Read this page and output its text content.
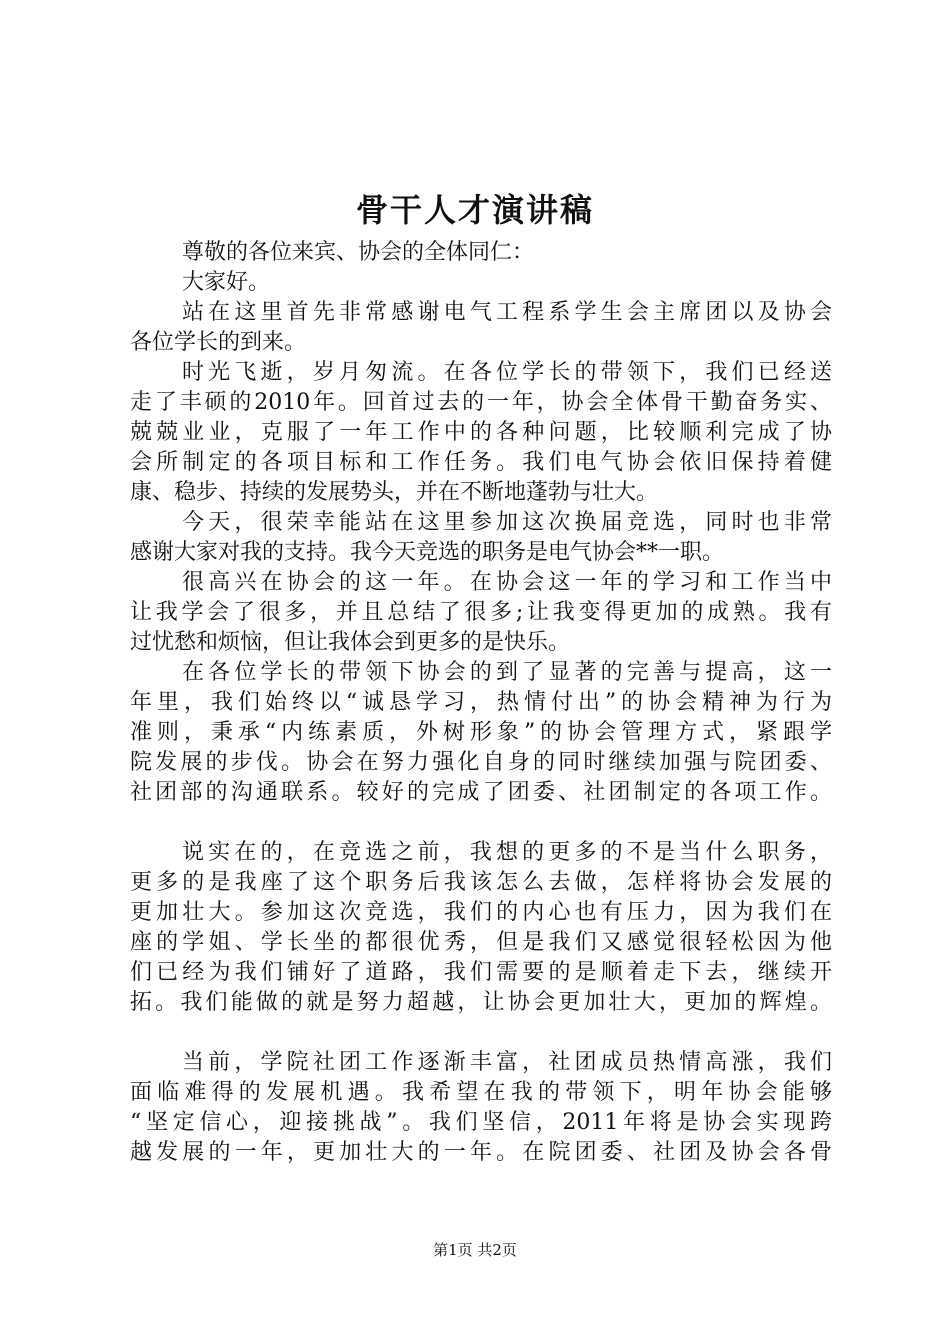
骨干人才演讲稿
尊敬的各位来宾、协会的全体同仁：
大家好。
站在这里首先非常感谢电气工程系学生会主席团以及协会
各位学长的到来。
时光飞逝，岁月匆流。在各位学长的带领下，我们已经送
走了丰硕的2010年。回首过去的一年，协会全体骨干勤奋务实、
兢兢业业，克服了一年工作中的各种问题，比较顺利完成了协
会所制定的各项目标和工作任务。我们电气协会依旧保持着健
康、稳步、持续的发展势头，并在不断地蓬勃与壮大。
今天，很荣幸能站在这里参加这次换届竞选，同时也非常
感谢大家对我的支持。我今天竞选的职务是电气协会**一职。
很高兴在协会的这一年。在协会这一年的学习和工作当中
让我学会了很多，并且总结了很多;让我变得更加的成熟。我有
过忧愁和烦恼，但让我体会到更多的是快乐。
在各位学长的带领下协会的到了显著的完善与提高，这一
年里，我们始终以“诚恳学习，热情付出”的协会精神为行为
准则，秉承“内练素质，外树形象”的协会管理方式，紧跟学
院发展的步伐。协会在努力强化自身的同时继续加强与院团委、
社团部的沟通联系。较好的完成了团委、社团制定的各项工作。
说实在的，在竞选之前，我想的更多的不是当什么职务，
更多的是我座了这个职务后我该怎么去做，怎样将协会发展的
更加壮大。参加这次竞选，我们的内心也有压力，因为我们在
座的学姐、学长坐的都很优秀，但是我们又感觉很轻松因为他
们已经为我们铺好了道路，我们需要的是顺着走下去，继续开
拓。我们能做的就是努力超越，让协会更加壮大，更加的辉煌。
当前，学院社团工作逐渐丰富，社团成员热情高涨，我们
面临难得的发展机遇。我希望在我的带领下，明年协会能够
“坚定信心，迎接挑战”。我们坚信，2011年将是协会实现跨
越发展的一年，更加壮大的一年。在院团委、社团及协会各骨
第1页 共2页
